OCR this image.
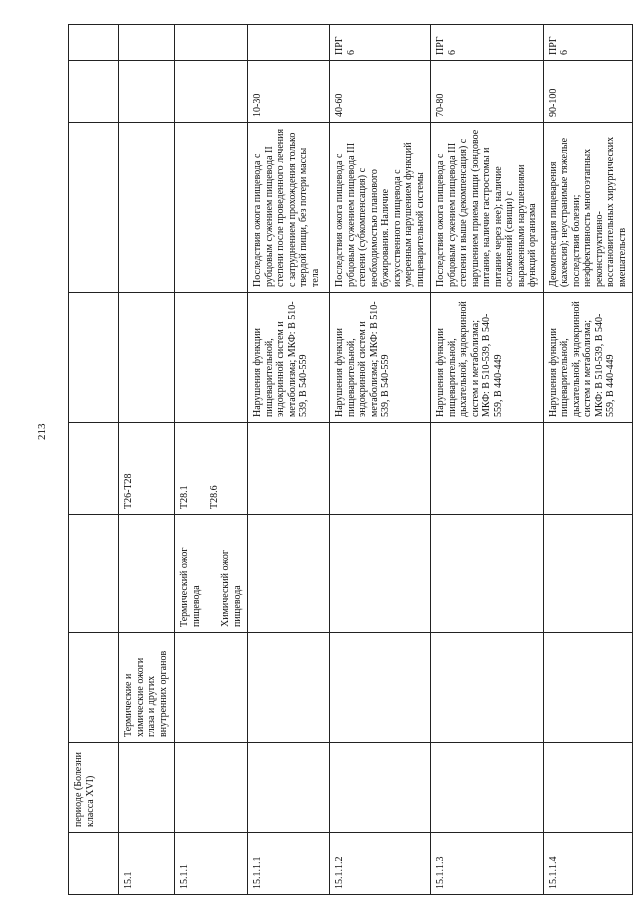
213
	периоде (Болезни класса XVI)							
15.1		Термические и химические ожоги глаза и других внутренних органов		Т26-Т28				
15.1.1			Термический ожог пищевода Химический ожог пищевода	Т28.1 Т28.6				

15.1.1.1					Нарушения функции пищеварительной, эндокринной систем и метаболизма; МКФ: В 510-539, В 540-559	Последствия ожога пищевода с рубцовым сужением пищевода II степени после проведенного лечения с затруднением прохождения только твердой пищи, без потери массы тела	10-30	
15.1.1.2					Нарушения функции пищеварительной, эндокринной систем и метаболизма; МКФ: В 510-539, В 540-559	Последствия ожога пищевода с рубцовым сужением пищевода III степени (субкомпенсация) с необходимостью планового бужирования. Наличие искусственного пищевода с умеренным нарушением функций пищеварительной системы	40-60	ПРГ 6
15.1.1.3					Нарушения функции пищеварительной, дыхательной, эндокринной систем и метаболизма; МКФ: В 510-539, В 540-559, В 440-449	Последствия ожога пищевода с рубцовым сужением пищевода III степени и выше (декомпенсация) с нарушением приема пищи (зондовое питание, наличие гастростомы и питание через нее); наличие осложнений (свищи) с выраженными нарушениями функций организма	70-80	ПРГ 6
15.1.1.4					Нарушения функции пищеварительной, дыхательной, эндокринной систем и метаболизма; МКФ: В 510-539, В 540-559, В 440-449	Декомпенсация пищеварения (кахексия); неустранимые тяжелые последствия болезни; неэффективность многоэтапных реконструктивно-восстановительных хирургических вмешательств	90-100	ПРГ 6
